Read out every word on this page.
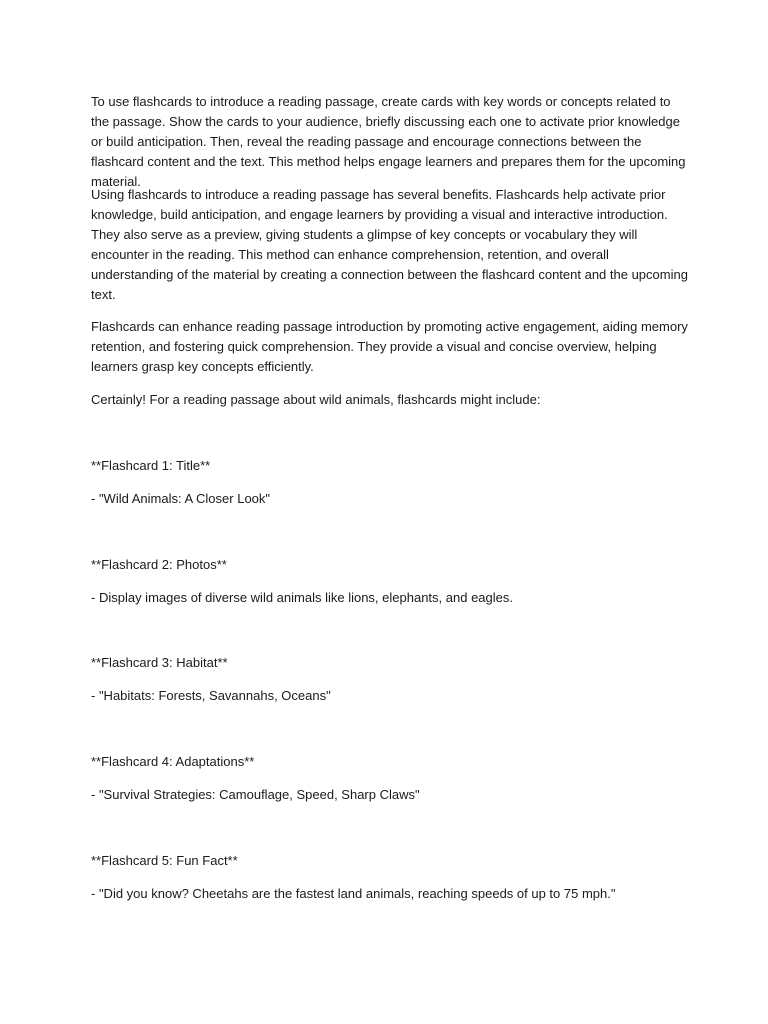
To use flashcards to introduce a reading passage, create cards with key words or concepts related to the passage. Show the cards to your audience, briefly discussing each one to activate prior knowledge or build anticipation. Then, reveal the reading passage and encourage connections between the flashcard content and the text. This method helps engage learners and prepares them for the upcoming material.

Using flashcards to introduce a reading passage has several benefits. Flashcards help activate prior knowledge, build anticipation, and engage learners by providing a visual and interactive introduction. They also serve as a preview, giving students a glimpse of key concepts or vocabulary they will encounter in the reading. This method can enhance comprehension, retention, and overall understanding of the material by creating a connection between the flashcard content and the upcoming text.

Flashcards can enhance reading passage introduction by promoting active engagement, aiding memory retention, and fostering quick comprehension. They provide a visual and concise overview, helping learners grasp key concepts efficiently.

Certainly! For a reading passage about wild animals, flashcards might include:

**Flashcard 1: Title**

- "Wild Animals: A Closer Look"

**Flashcard 2: Photos**

- Display images of diverse wild animals like lions, elephants, and eagles.

**Flashcard 3: Habitat**

- "Habitats: Forests, Savannahs, Oceans"

**Flashcard 4: Adaptations**

- "Survival Strategies: Camouflage, Speed, Sharp Claws"

**Flashcard 5: Fun Fact**

- "Did you know? Cheetahs are the fastest land animals, reaching speeds of up to 75 mph."
